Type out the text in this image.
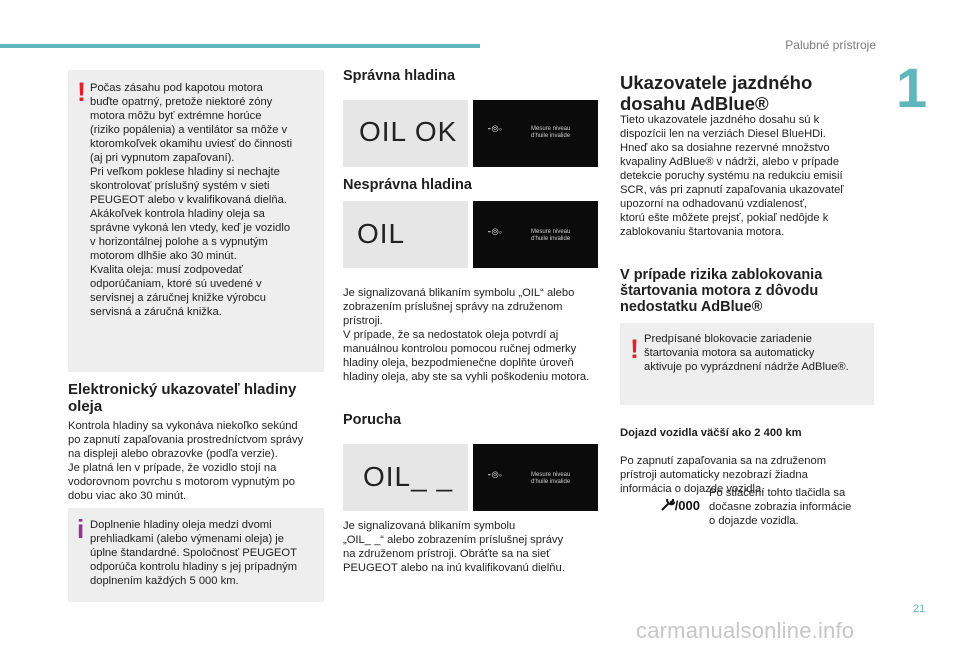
Palubné prístroje
1
21
carmanualsonline.info
! Počas zásahu pod kapotou motora
buďte opatrný, pretože niektoré zóny
motora môžu byť extrémne horúce
(riziko popálenia) a ventilátor sa môže v
ktoromkoľvek okamihu uviesť do činnosti
(aj pri vypnutom zapaľovaní).
Pri veľkom poklese hladiny si nechajte
skontrolovať príslušný systém v sieti
PEUGEOT alebo v kvalifikovaná dielňa.
Akákoľvek kontrola hladiny oleja sa
správne vykoná len vtedy, keď je vozidlo
v horizontálnej polohe a s vypnutým
motorom dlhšie ako 30 minút.
Kvalita oleja: musí zodpovedať
odporúčaniam, ktoré sú uvedené v
servisnej a záručnej knižke výrobcu
servisná a záručná knižka.
Elektronický ukazovateľ hladiny oleja
Kontrola hladiny sa vykonáva niekoľko sekúnd
po zapnutí zapaľovania prostredníctvom správy
na displeji alebo obrazovke (podľa verzie).
Je platná len v prípade, že vozidlo stojí na
vodorovnom povrchu s motorom vypnutým po
dobu viac ako 30 minút.
i Doplnenie hladiny oleja medzi dvomi
prehliadkami (alebo výmenami oleja) je
úplne štandardné. Spoločnosť PEUGEOT
odporúča kontrolu hladiny s jej prípadným
doplnením každých 5 000 km.
Správna hladina
OIL OK	⁃⦾◦	Mesure niveau
d'huile invalide
Nesprávna hladina
OIL	⁃⦾◦	Mesure niveau
d'huile invalide
Je signalizovaná blikaním symbolu „OIL“ alebo
zobrazením príslušnej správy na združenom
prístroji.
V prípade, že sa nedostatok oleja potvrdí aj
manuálnou kontrolou pomocou ručnej odmerky
hladiny oleja, bezpodmienečne doplňte úroveň
hladiny oleja, aby ste sa vyhli poškodeniu motora.
Porucha
OIL_ _	⁃⦾◦	Mesure niveau
d'huile invalide
Je signalizovaná blikaním symbolu
„OIL_ _“ alebo zobrazením príslušnej správy
na združenom prístroji. Obráťte sa na sieť
PEUGEOT alebo na inú kvalifikovanú dielňu.
Ukazovatele jazdného
dosahu AdBlue®
Tieto ukazovatele jazdného dosahu sú k
dispozícii len na verziách Diesel BlueHDi.
Hneď ako sa dosiahne rezervné množstvo
kvapaliny AdBlue® v nádrži, alebo v prípade
detekcie poruchy systému na redukciu emisií
SCR, vás pri zapnutí zapaľovania ukazovateľ
upozorní na odhadovanú vzdialenosť,
ktorú ešte môžete prejsť, pokiaľ nedôjde k
zablokovaniu štartovania motora.
V prípade rizika zablokovania
štartovania motora z dôvodu
nedostatku AdBlue®
! Predpísané blokovacie zariadenie
štartovania motora sa automaticky
aktivuje po vyprázdnení nádrže AdBlue®.

Dojazd vozidla väčší ako 2 400 km

Po zapnutí zapaľovania sa na združenom
prístroji automaticky nezobrazí žiadna
informácia o dojazde vozidla.

/000
Po stlačení tohto tlačidla sa
dočasne zobrazia informácie
o dojazde vozidla.
